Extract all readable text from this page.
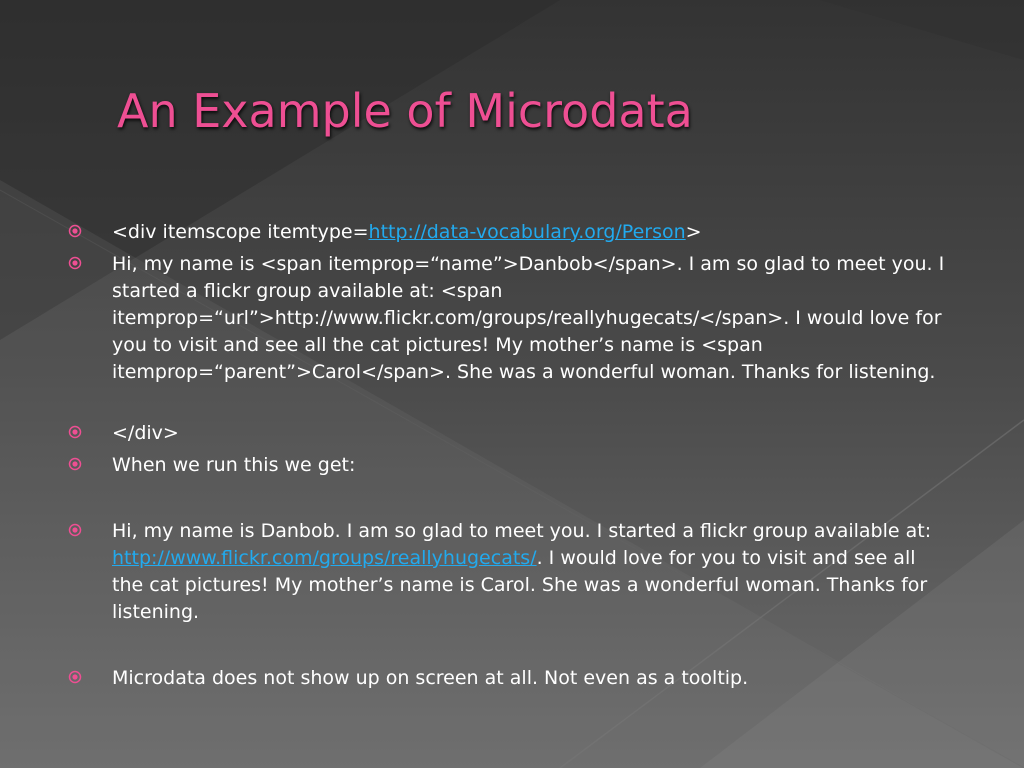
An Example of Microdata
<div itemscope itemtype=http://data-vocabulary.org/Person>
Hi, my name is <span itemprop=“name”>Danbob</span>. I am so glad to meet you. I started a flickr group available at: <span itemprop=“url”>http://www.flickr.com/groups/reallyhugecats/</span>. I would love for you to visit and see all the cat pictures! My mother’s name is <span itemprop=“parent”>Carol</span>. She was a wonderful woman. Thanks for listening.
</div>
When we run this we get:
Hi, my name is Danbob. I am so glad to meet you. I started a flickr group available at: http://www.flickr.com/groups/reallyhugecats/. I would love for you to visit and see all the cat pictures! My mother’s name is Carol. She was a wonderful woman. Thanks for listening.
Microdata does not show up on screen at all. Not even as a tooltip.
